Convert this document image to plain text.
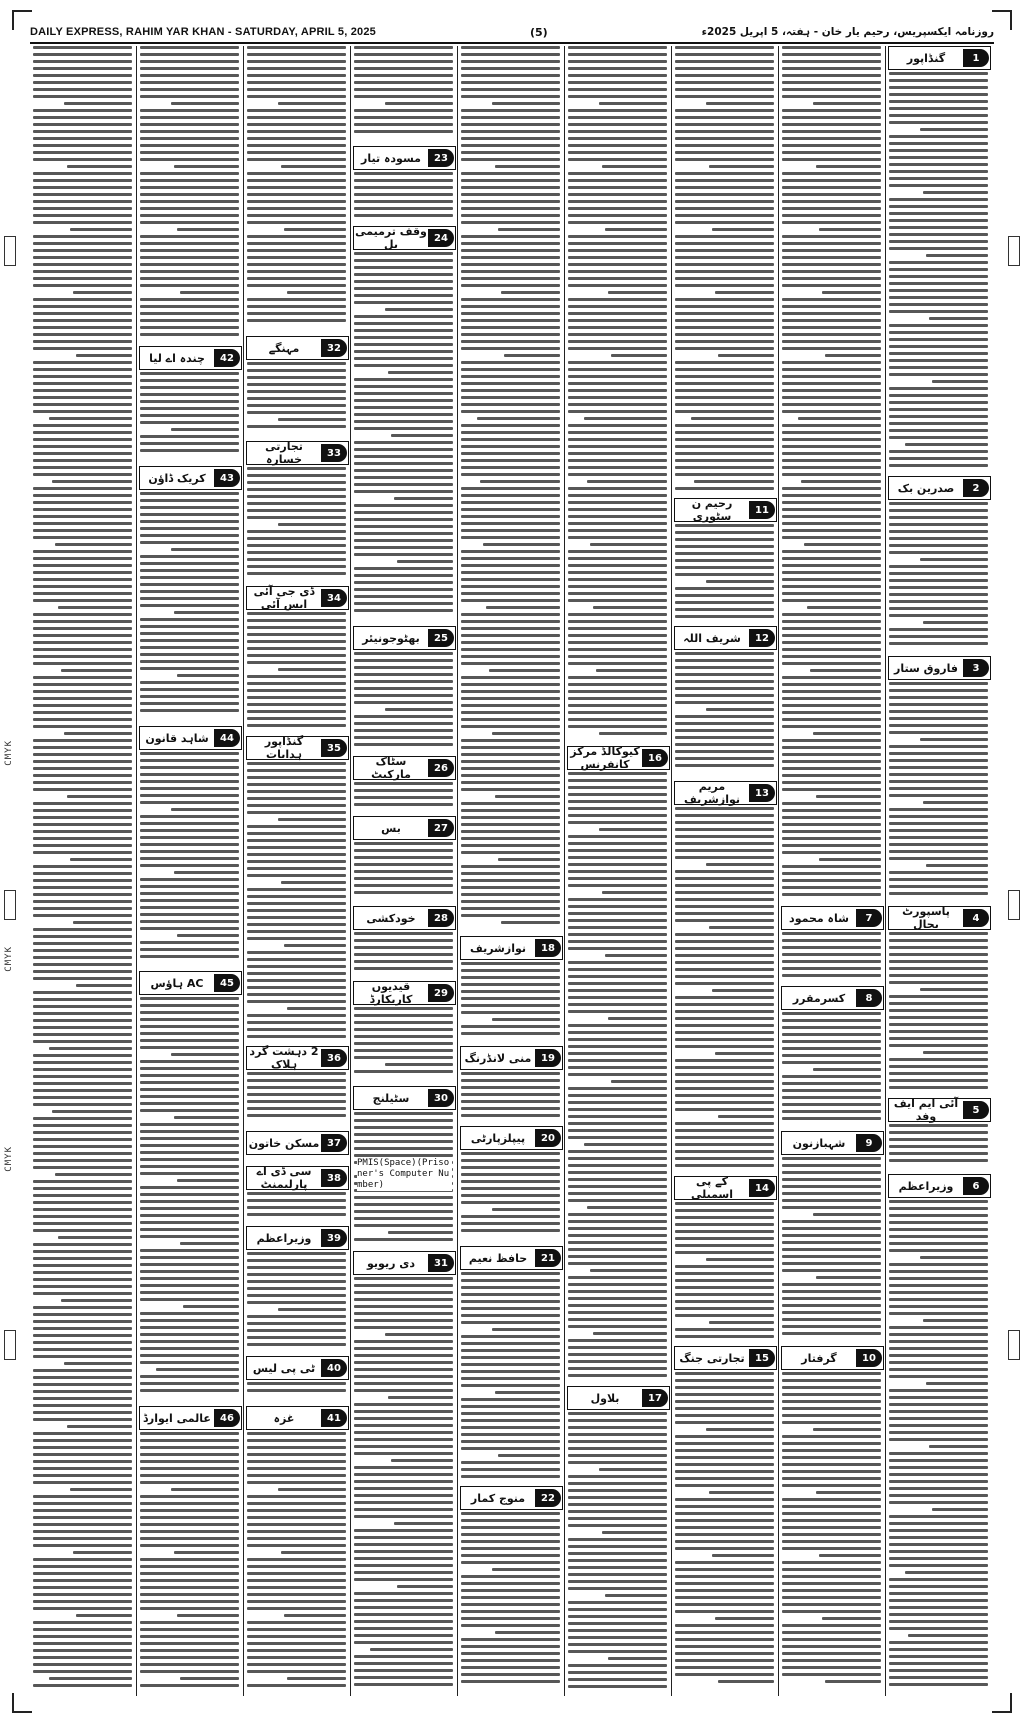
CMYK
CMYK
CMYK
DAILY EXPRESS, RAHIM YAR KHAN - SATURDAY, APRIL 5, 2025	(5)	روزنامہ ایکسپریس، رحیم یار خان - ہفتہ، 5 اپریل 2025ء
1
گنڈاپور
2
صدرین بک
3
فاروق ستار
4
پاسپورٹ بحال
5
آئی ایم ایف وفد
6
وزیراعظم
7
شاہ محمود
8
کسرمقرر
9
شہبازنون
10
گرفتار
11
رحیم ن سٹوری
12
شریف اللہ
13
مریم نوازشریف
14
کے پی اسمبلی
15
تجارتی جنگ
16
کیوکالڈ مرکز کانفرنس
17
بلاول
18
نوازشریف
19
منی لانڈرنگ
20
پیپلزپارٹی
21
حافظ نعیم
22
منوج کمار
23
مسودہ تیار
24
وقف ترمیمی بل
25
بھٹوجونیئر
26
سٹاک مارکیٹ
27
بس
28
خودکشی
29
قیدیوں کاریکارڈ
30
سٹیلنج
31
دی ریویو
32
مہنگے
33
تجارتی خسارہ
34
ڈی جی آئی ایس آئی
35
گنڈاپور ہدایات
36
2 دہشت گرد ہلاک
37
مسکن خاتون
38
سی ڈی اے پارلیمنٹ
39
وزیراعظم
40
ٹی پی لیس
41
غزہ
42
چندہ اے لیا
43
کریک ڈاؤن
44
شاہد قانون
45
AC ہاؤس
46
عالمی ایوارڈ
PMIS(Space)(Prisoner's Computer Number)
